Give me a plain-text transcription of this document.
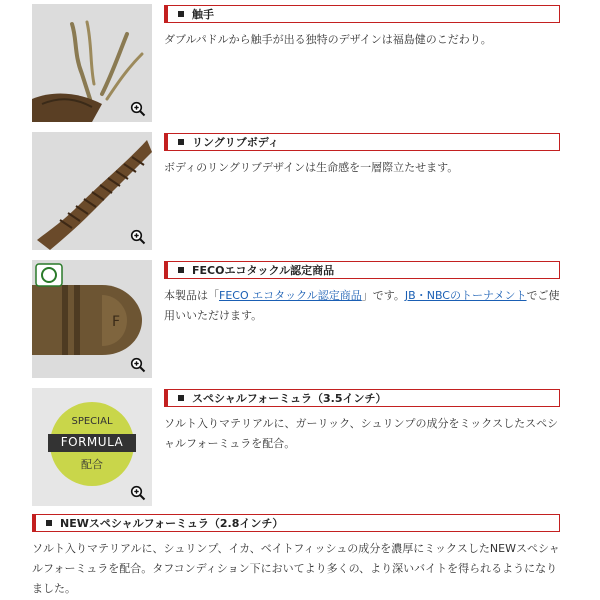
触手
ダブルパドルから触手が出る独特のデザインは福島健のこだわり。
リングリブボディ
ボディのリングリブデザインは生命感を一層際立たせます。
F
FECOエコタックル認定商品
本製品は「FECO エコタックル認定商品」です。JB・NBCのトーナメントでご使用いいただけます。
SPECIAL
FORMULA
配合
スペシャルフォーミュラ（3.5インチ）
ソルト入りマテリアルに、ガーリック、シュリンプの成分をミックスしたスペシャルフォーミュラを配合。
NEWスペシャルフォーミュラ（2.8インチ）
ソルト入りマテリアルに、シュリンプ、イカ、ベイトフィッシュの成分を濃厚にミックスしたNEWスペシャルフォーミュラを配合。タフコンディション下においてより多くの、より深いバイトを得られるようになりました。
